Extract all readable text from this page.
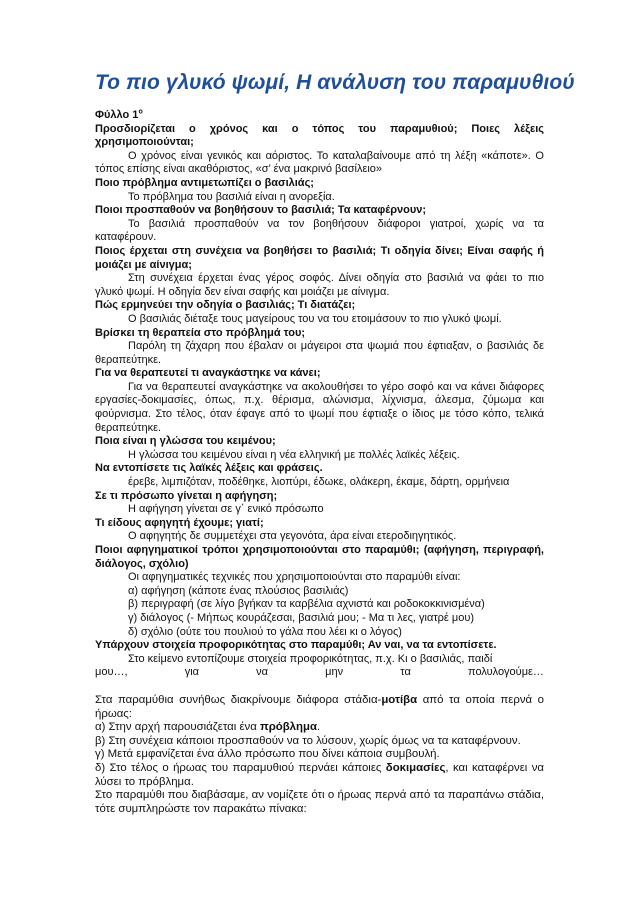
Το πιο γλυκό ψωμί, Η ανάλυση του παραμυθιού

Φύλλο $1^o$

Προσδιορίζεται ο χρόνος και ο τόπος του παραμυθιού; Ποιες λέξεις χρησιμοποιούνται;

Ο χρόνος είναι γενικός και αόριστος. Το καταλαβαίνουμε από τη λέξη «κάποτε». Ο τόπος επίσης είναι ακαθόριστος, «σ’ ένα μακρινό βασίλειο»

Ποιο πρόβλημα αντιμετωπίζει ο βασιλιάς;

Το πρόβλημα του βασιλιά είναι η ανορεξία.

Ποιοι προσπαθούν να βοηθήσουν το βασιλιά; Τα καταφέρνουν;

Το βασιλιά προσπαθούν να τον βοηθήσουν διάφοροι γιατροί, χωρίς να τα καταφέρουν.

Ποιος έρχεται στη συνέχεια να βοηθήσει το βασιλιά; Τι οδηγία δίνει; Είναι σαφής ή μοιάζει με αίνιγμα;

Στη συνέχεια έρχεται ένας γέρος σοφός. Δίνει οδηγία στο βασιλιά να φάει το πιο γλυκό ψωμί. Η οδηγία δεν είναι σαφής και μοιάζει με αίνιγμα.

Πώς ερμηνεύει την οδηγία ο βασιλιάς; Τι διατάζει;

Ο βασιλιάς διέταξε τους μαγείρους του να του ετοιμάσουν το πιο γλυκό ψωμί.

Βρίσκει τη θεραπεία στο πρόβλημά του;

Παρόλη τη ζάχαρη που έβαλαν οι μάγειροι στα ψωμιά που έφτιαξαν, ο βασιλιάς δε θεραπεύτηκε.

Για να θεραπευτεί τι αναγκάστηκε να κάνει;

Για να θεραπευτεί αναγκάστηκε να ακολουθήσει το γέρο σοφό και να κάνει διάφορες εργασίες-δοκιμασίες, όπως, π.χ. θέρισμα, αλώνισμα, λίχνισμα, άλεσμα, ζύμωμα και φούρνισμα. Στο τέλος, όταν έφαγε από το ψωμί που έφτιαξε ο ίδιος με τόσο κόπο, τελικά θεραπεύτηκε.

Ποια είναι η γλώσσα του κειμένου;

Η γλώσσα του κειμένου είναι η νέα ελληνική με πολλές λαϊκές λέξεις.

Να εντοπίσετε τις λαϊκές λέξεις και φράσεις.

έρεβε, λιμπιζόταν, ποδέθηκε, λιοπύρι, έδωκε, ολάκερη, έκαμε, δάρτη, ορμήνεια

Σε τι πρόσωπο γίνεται η αφήγηση;

Η αφήγηση γίνεται σε γ΄ ενικό πρόσωπο

Τι είδους αφηγητή έχουμε; γιατί;

Ο αφηγητής δε συμμετέχει στα γεγονότα, άρα είναι ετεροδιηγητικός.

Ποιοι αφηγηματικοί τρόποι χρησιμοποιούνται στο παραμύθι; (αφήγηση, περιγραφή, διάλογος, σχόλιο)

Οι αφηγηματικές τεχνικές που χρησιμοποιούνται στο παραμύθι είναι:

α) αφήγηση (κάποτε ένας πλούσιος βασιλιάς)

β) περιγραφή (σε λίγο βγήκαν τα καρβέλια αχνιστά και ροδοκοκκινισμένα)

γ) διάλογος (- Μήπως κουράζεσαι, βασιλιά μου; - Μα τι λες, γιατρέ μου)

δ) σχόλιο (ούτε του πουλιού το γάλα που λέει κι ο λόγος)

Υπάρχουν στοιχεία προφορικότητας στο παραμύθι; Αν ναι, να τα εντοπίσετε.

Στο κείμενο εντοπίζουμε στοιχεία προφορικότητας, π.χ. Κι ο βασιλιάς, παιδί

μου…,	για	να	μην	τα	πολυλογούμε…

Στα παραμύθια συνήθως διακρίνουμε διάφορα στάδια-μοτίβα από τα οποία περνά ο ήρωας:

α) Στην αρχή παρουσιάζεται ένα πρόβλημα.

β) Στη συνέχεια κάποιοι προσπαθούν να το λύσουν, χωρίς όμως να τα καταφέρνουν.

γ) Μετά εμφανίζεται ένα άλλο πρόσωπο που δίνει κάποια συμβουλή.

δ) Στο τέλος ο ήρωας του παραμυθιού περνάει κάποιες δοκιμασίες, και καταφέρνει να λύσει το πρόβλημα.

Στο παραμύθι που διαβάσαμε, αν νομίζετε ότι ο ήρωας περνά από τα παραπάνω στάδια, τότε συμπληρώστε τον παρακάτω πίνακα:
